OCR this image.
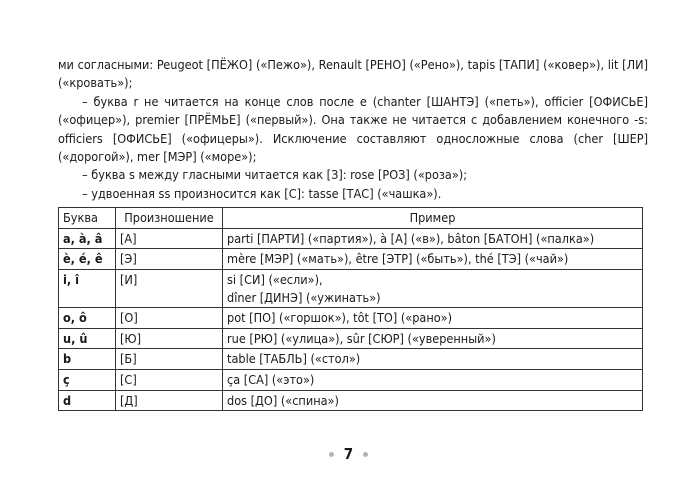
ми согласными: Peugeot [ПЁЖО] («Пежо»), Renault [РЕНО] («Рено»), tapis [ТАПИ] («ковер»), lit [ЛИ] («кровать»);

– буква r не читается на конце слов после e (chanter [ШАНТЭ] («петь»), officier [ОФИСЬЕ] («офицер»), premier [ПРЁМЬЕ] («первый»). Она также не читается с добавлением конечного -s: officiers [ОФИСЬЕ] («офицеры»). Исключение составляют односложные слова (cher [ШЕР] («дорогой»), mer [МЭР] («море»);

– буква s между гласными читается как [З]: rose [РОЗ] («роза»);

– удвоенная ss произносится как [С]: tasse [ТАС] («чашка»).

Буква	Произношение	Пример
a, à, â	[А]	parti [ПАРТИ] («партия»), à [А] («в»), bâton [БАТОН] («палка»)
è, é, ê	[Э]	mère [МЭР] («мать»), être [ЭТР] («быть»), thé [ТЭ] («чай»)
i, î	[И]	si [СИ] («если»),
dîner [ДИНЭ] («ужинать»)

o, ô	[О]	pot [ПО] («горшок»), tôt [ТО] («рано»)
u, û	[Ю]	rue [РЮ] («улица»), sûr [СЮР] («уверенный»)
b	[Б]	table [ТАБЛЬ] («стол»)
ç	[С]	ça [СА] («это»)
d	[Д]	dos [ДО] («спина»)
7
